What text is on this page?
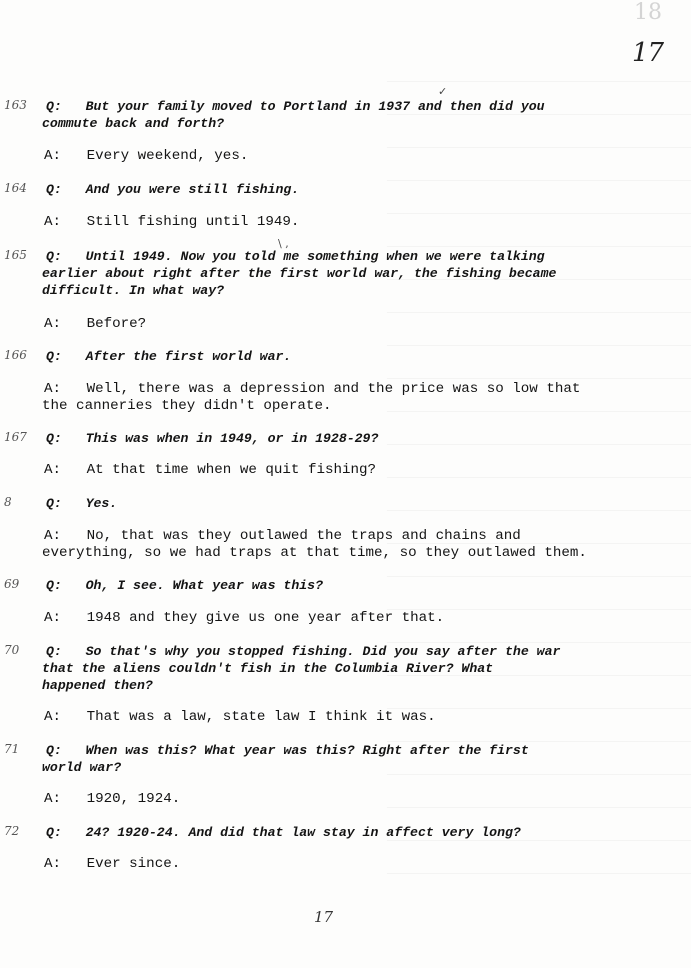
18
17
163 Q: But your family moved to Portland in 1937 and then did you
commute back and forth?
A: Every weekend, yes.
164 Q: And you were still fishing.
A: Still fishing until 1949.
165 Q: Until 1949. Now you told me something when we were talking
earlier about right after the first world war, the fishing became
difficult. In what way?
A: Before?
166 Q: After the first world war.
A: Well, there was a depression and the price was so low that
the canneries they didn't operate.
167 Q: This was when in 1949, or in 1928-29?
A: At that time when we quit fishing?
8	Q: Yes.
A: No, that was they outlawed the traps and chains and
everything, so we had traps at that time, so they outlawed them.
69 Q: Oh, I see. What year was this?
A: 1948 and they give us one year after that.
70 Q: So that's why you stopped fishing. Did you say after the war
that the aliens couldn't fish in the Columbia River? What
happened then?
A: That was a law, state law I think it was.
71 Q: When was this? What year was this? Right after the first
world war?
A: 1920, 1924.
72 Q: 24? 1920-24. And did that law stay in affect very long?
A: Ever since.
✓
\ ,
17
